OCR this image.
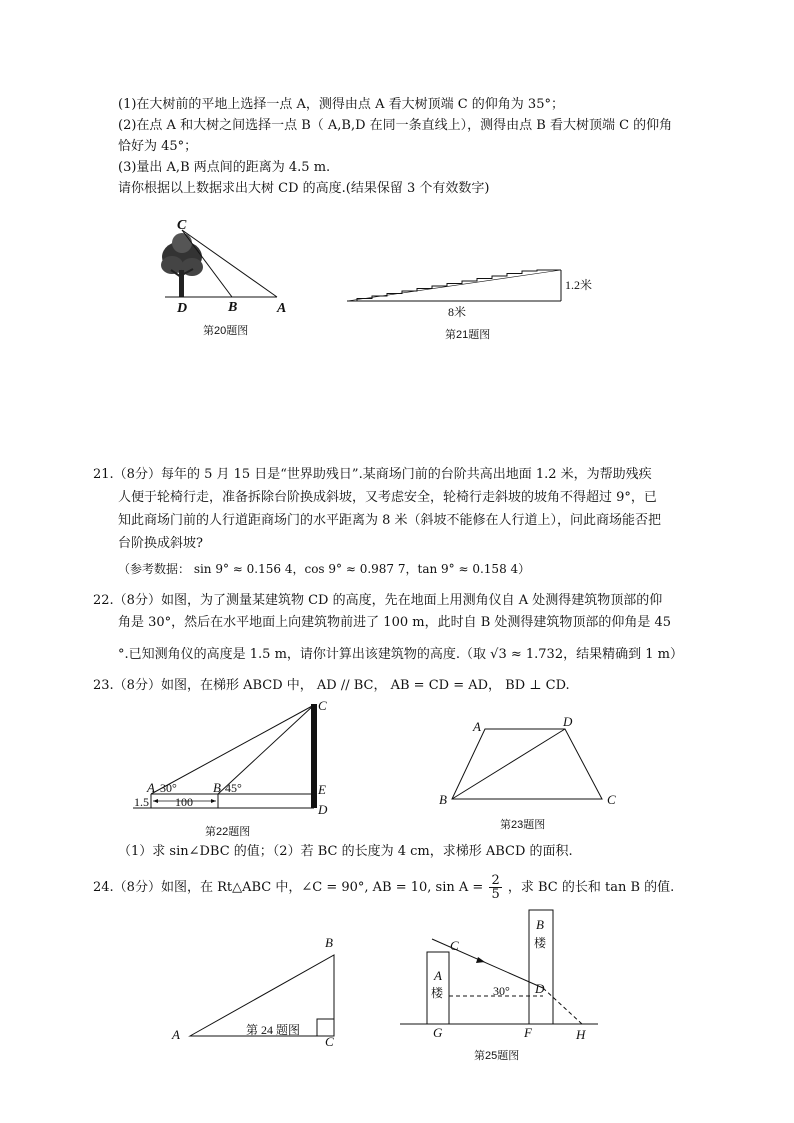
(1)在大树前的平地上选择一点 A，测得由点 A 看大树顶端 C 的仰角为 35°；
(2)在点 A 和大树之间选择一点 B（ A,B,D 在同一条直线上），测得由点 B 看大树顶端 C 的仰角
恰好为 45°；
(3)量出 A,B 两点间的距离为 4.5 m.
请你根据以上数据求出大树 CD 的高度.(结果保留 3 个有效数字)
C
D	B	A
第20题图
1.2米
8米
第21题图
21.（8分）每年的 5 月 15 日是“世界助残日”.某商场门前的台阶共高出地面 1.2 米，为帮助残疾
人便于轮椅行走，准备拆除台阶换成斜坡，又考虑安全，轮椅行走斜坡的坡角不得超过 9°，已
知此商场门前的人行道距商场门的水平距离为 8 米（斜坡不能修在人行道上），问此商场能否把
台阶换成斜坡?
（参考数据： sin 9° ≈ 0.156 4，cos 9° ≈ 0.987 7，tan 9° ≈ 0.158 4）
22.（8分）如图，为了测量某建筑物 CD 的高度，先在地面上用测角仪自 A 处测得建筑物顶部的仰
角是 30°，然后在水平地面上向建筑物前进了 100 m，此时自 B 处测得建筑物顶部的仰角是 45
°.已知测角仪的高度是 1.5 m，请你计算出该建筑物的高度.（取 √3 ≈ 1.732，结果精确到 1 m）
23.（8分）如图，在梯形 ABCD 中， AD // BC， AB = CD = AD， BD ⊥ CD.
A 30°	B 45°
C
E
D
1.5 100
第22题图
A	D
B	C
第23题图
（1）求 sin∠DBC 的值；（2）若 BC 的长度为 4 cm，求梯形 ABCD 的面积.
24.（8分）如图，在 Rt△ABC 中，∠C = 90°, AB = 10, $\sin A = \frac{2}{5}$ ，求 BC 的长和 tan B 的值.
A
B
C
第 24 题图
C
D
30°
A
楼
B
楼
G	F	H
第25题图
